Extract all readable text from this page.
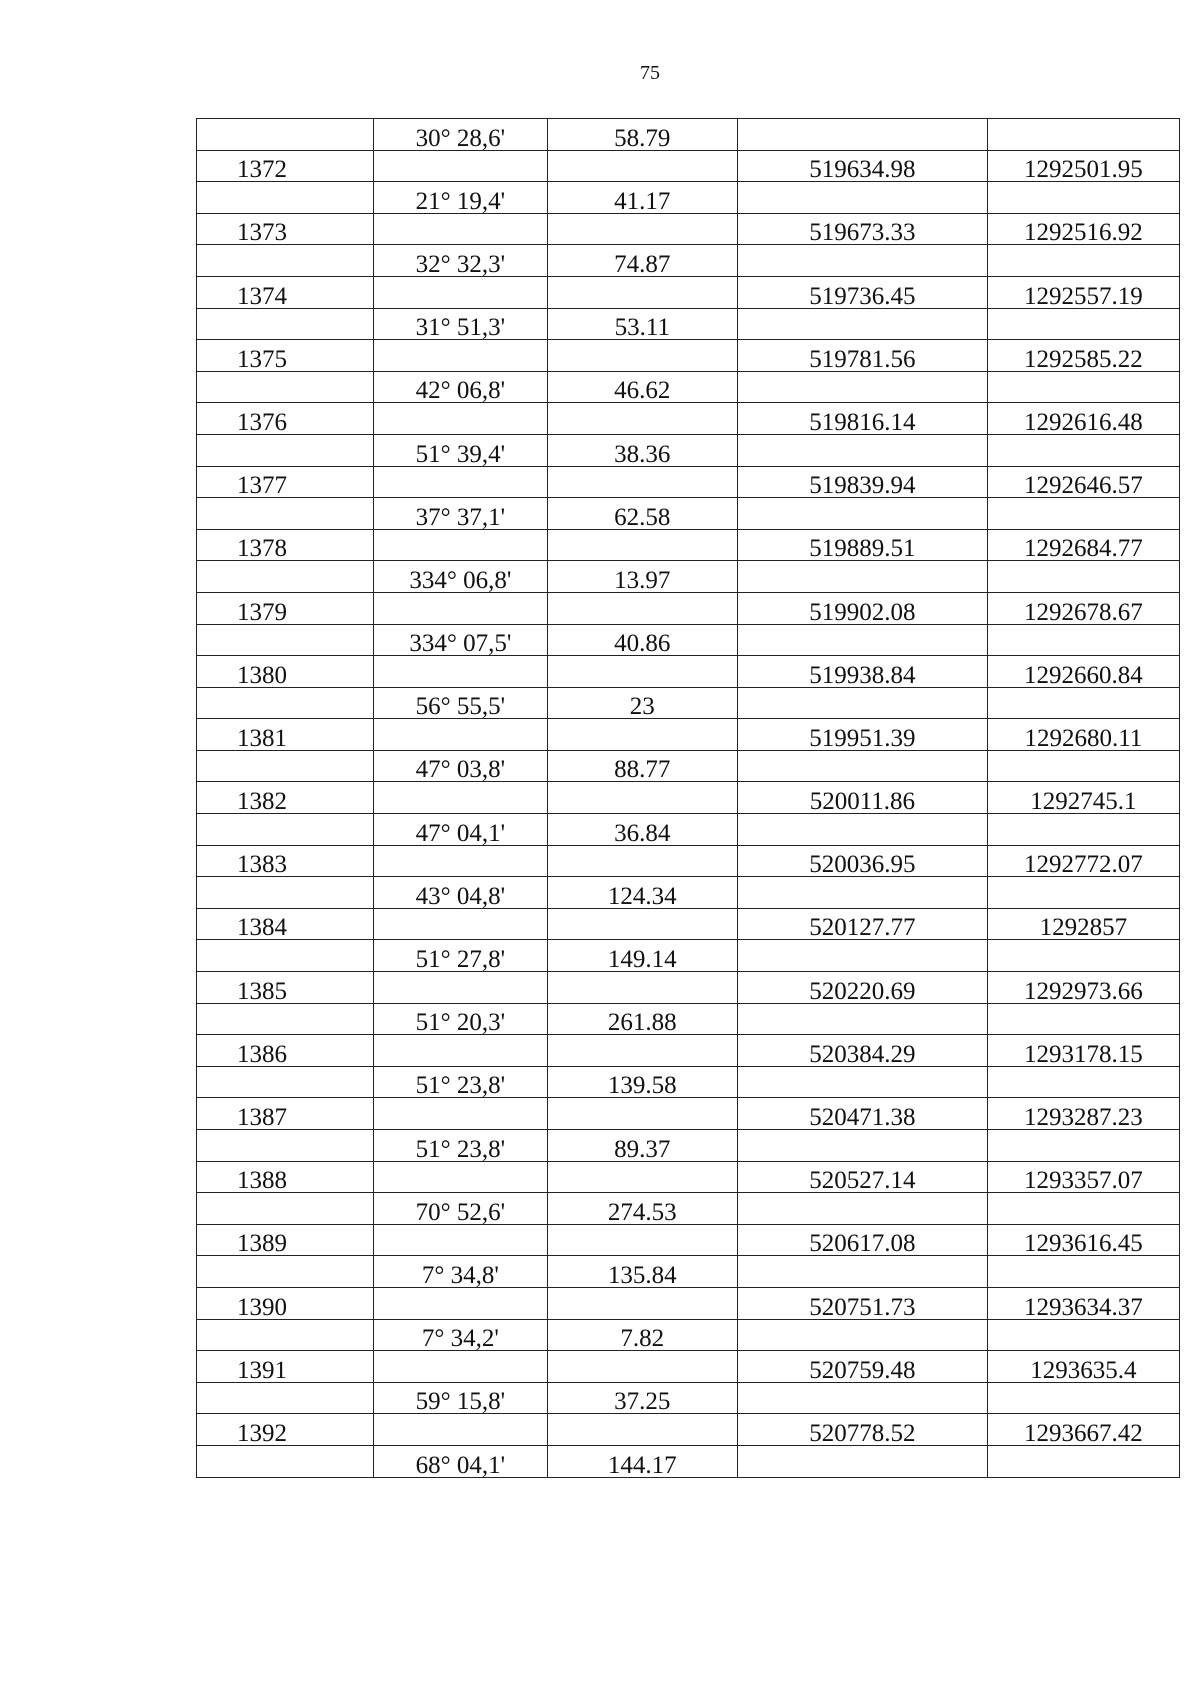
75
	30° 28,6'	58.79		
1372			519634.98	1292501.95
	21° 19,4'	41.17		
1373			519673.33	1292516.92
	32° 32,3'	74.87		
1374			519736.45	1292557.19
	31° 51,3'	53.11		
1375			519781.56	1292585.22
	42° 06,8'	46.62		
1376			519816.14	1292616.48
	51° 39,4'	38.36		
1377			519839.94	1292646.57
	37° 37,1'	62.58		
1378			519889.51	1292684.77
	334° 06,8'	13.97		
1379			519902.08	1292678.67
	334° 07,5'	40.86		
1380			519938.84	1292660.84
	56° 55,5'	23		
1381			519951.39	1292680.11
	47° 03,8'	88.77		
1382			520011.86	1292745.1
	47° 04,1'	36.84		
1383			520036.95	1292772.07
	43° 04,8'	124.34		
1384			520127.77	1292857
	51° 27,8'	149.14		
1385			520220.69	1292973.66
	51° 20,3'	261.88		
1386			520384.29	1293178.15
	51° 23,8'	139.58		
1387			520471.38	1293287.23
	51° 23,8'	89.37		
1388			520527.14	1293357.07
	70° 52,6'	274.53		
1389			520617.08	1293616.45
	7° 34,8'	135.84		
1390			520751.73	1293634.37
	7° 34,2'	7.82		
1391			520759.48	1293635.4
	59° 15,8'	37.25		
1392			520778.52	1293667.42
	68° 04,1'	144.17		
